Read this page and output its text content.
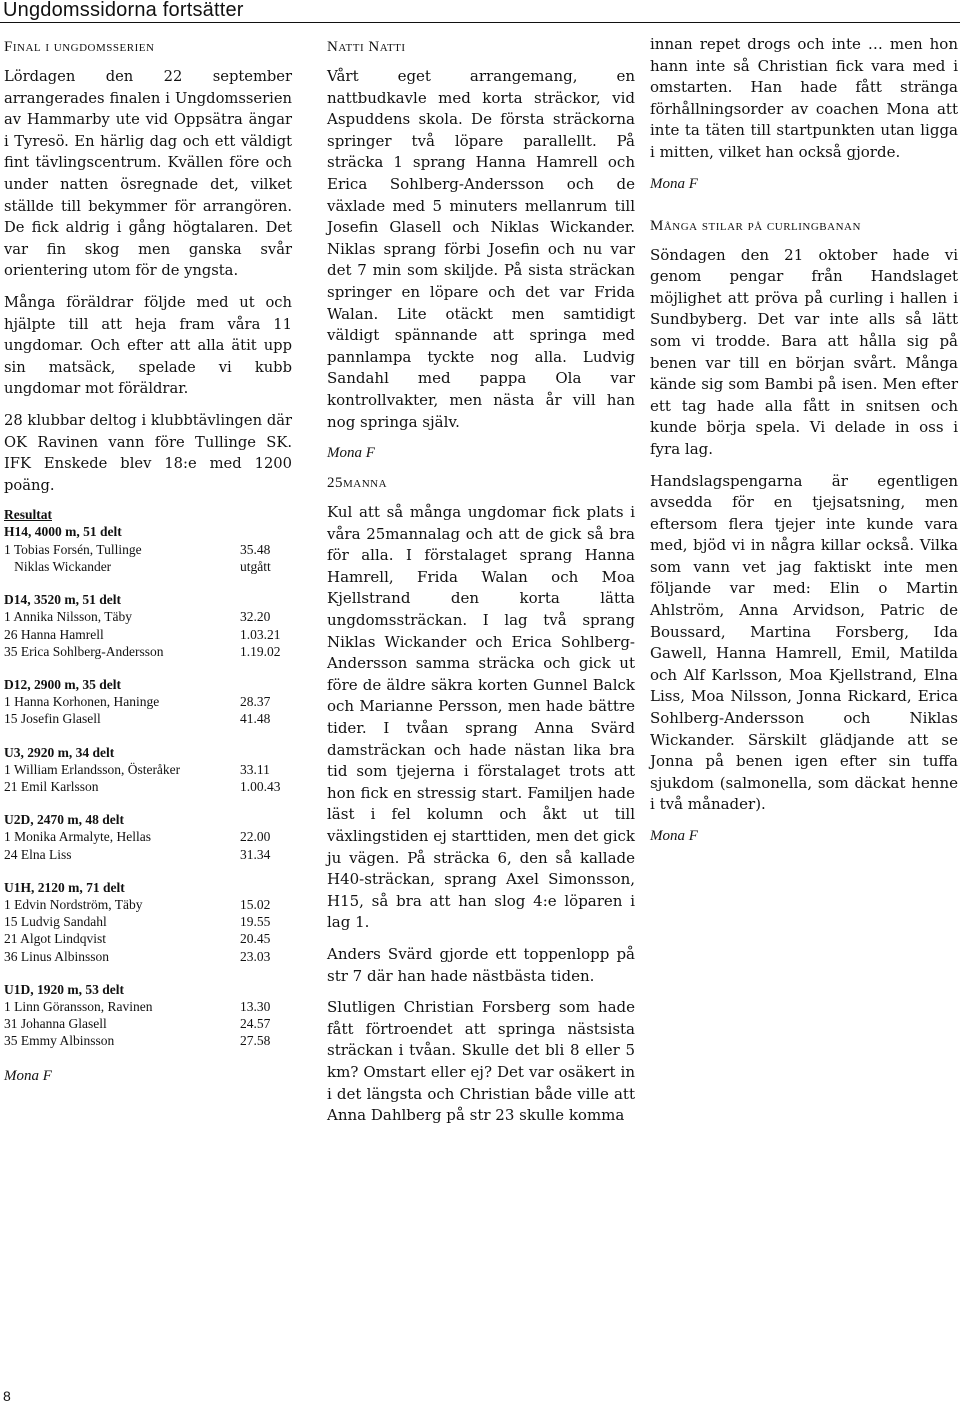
Ungdomssidorna fortsätter
Final i ungdomsserien

Lördagen den 22 september arrangerades finalen i Ungdomsserien av Hammarby ute vid Oppsätra ängar i Tyresö. En härlig dag och ett väldigt fint tävlingscentrum. Kvällen före och under natten ösregnade det, vilket ställde till bekymmer för arrangören. De fick aldrig i gång högtalaren. Det var fin skog men ganska svår orientering utom för de yngsta.

Många föräldrar följde med ut och hjälpte till att heja fram våra 11 ungdomar. Och efter att alla ätit upp sin matsäck, spelade vi kubb ungdomar mot föräldrar.

28 klubbar deltog i klubbtävlingen där OK Ravinen vann före Tullinge SK. IFK Enskede blev 18:e med 1200 poäng.

Resultat
H14, 4000 m, 51 delt
1 Tobias Forsén, Tullinge	35.48
Niklas Wickander	utgått
D14, 3520 m, 51 delt
1 Annika Nilsson, Täby	32.20
26 Hanna Hamrell	1.03.21
35 Erica Sohlberg-Andersson	1.19.02
D12, 2900 m, 35 delt
1 Hanna Korhonen, Haninge	28.37
15 Josefin Glasell	41.48
U3, 2920 m, 34 delt
1 William Erlandsson, Österåker	33.11
21 Emil Karlsson	1.00.43
U2D, 2470 m, 48 delt
1 Monika Armalyte, Hellas	22.00
24 Elna Liss	31.34
U1H, 2120 m, 71 delt
1 Edvin Nordström, Täby	15.02
15 Ludvig Sandahl	19.55
21 Algot Lindqvist	20.45
36 Linus Albinsson	23.03
U1D, 1920 m, 53 delt
1 Linn Göransson, Ravinen	13.30
31 Johanna Glasell	24.57
35 Emmy Albinsson	27.58
Mona F
Natti Natti

Vårt eget arrangemang, en nattbudkavle med korta sträckor, vid Aspuddens skola. De första sträckorna springer två löpare parallellt. På sträcka 1 sprang Hanna Hamrell och Erica Sohlberg-Andersson och de växlade med 5 minuters mellanrum till Josefin Glasell och Niklas Wickander. Niklas sprang förbi Josefin och nu var det 7 min som skiljde. På sista sträckan springer en löpare och det var Frida Walan. Lite otäckt men samtidigt väldigt spännande att springa med pannlampa tyckte nog alla. Ludvig Sandahl med pappa Ola var kontrollvakter, men nästa år vill han nog springa själv.

Mona F
25manna

Kul att så många ungdomar fick plats i våra 25mannalag och att de gick så bra för alla. I förstalaget sprang Hanna Hamrell, Frida Walan och Moa Kjellstrand den korta lätta ungdomssträckan. I lag två sprang Niklas Wickander och Erica Sohlberg-Andersson samma sträcka och gick ut före de äldre säkra korten Gunnel Balck och Marianne Persson, men hade bättre tider. I tvåan sprang Anna Svärd damsträckan och hade nästan lika bra tid som tjejerna i förstalaget trots att hon fick en stressig start. Familjen hade läst i fel kolumn och åkt ut till växlingstiden ej starttiden, men det gick ju vägen. På sträcka 6, den så kallade H40-sträckan, sprang Axel Simonsson, H15, så bra att han slog 4:e löparen i lag 1.

Anders Svärd gjorde ett toppenlopp på str 7 där han hade nästbästa tiden.

Slutligen Christian Forsberg som hade fått förtroendet att springa nästsista sträckan i tvåan. Skulle det bli 8 eller 5 km? Omstart eller ej? Det var osäkert in i det längsta och Christian både ville att Anna Dahlberg på str 23 skulle komma

innan repet drogs och inte … men hon hann inte så Christian fick vara med i omstarten. Han hade fått stränga förhållningsorder av coachen Mona att inte ta täten till startpunkten utan ligga i mitten, vilket han också gjorde.

Mona F
Många stilar på curlingbanan

Söndagen den 21 oktober hade vi genom pengar från Handslaget möjlighet att pröva på curling i hallen i Sundbyberg. Det var inte alls så lätt som vi trodde. Bara att hålla sig på benen var till en början svårt. Många kände sig som Bambi på isen. Men efter ett tag hade alla fått in snitsen och kunde börja spela. Vi delade in oss i fyra lag.

Handslagspengarna är egentligen avsedda för en tjejsatsning, men eftersom flera tjejer inte kunde vara med, bjöd vi in några killar också. Vilka som vann vet jag faktiskt inte men följande var med: Elin o Martin Ahlström, Anna Arvidson, Patric de Boussard, Martina Forsberg, Ida Gawell, Hanna Hamrell, Emil, Matilda och Alf Karlsson, Moa Kjellstrand, Elna Liss, Moa Nilsson, Jonna Rickard, Erica Sohlberg-Andersson och Niklas Wickander. Särskilt glädjande att se Jonna på benen igen efter sin tuffa sjukdom (salmonella, som däckat henne i två månader).

Mona F
8
